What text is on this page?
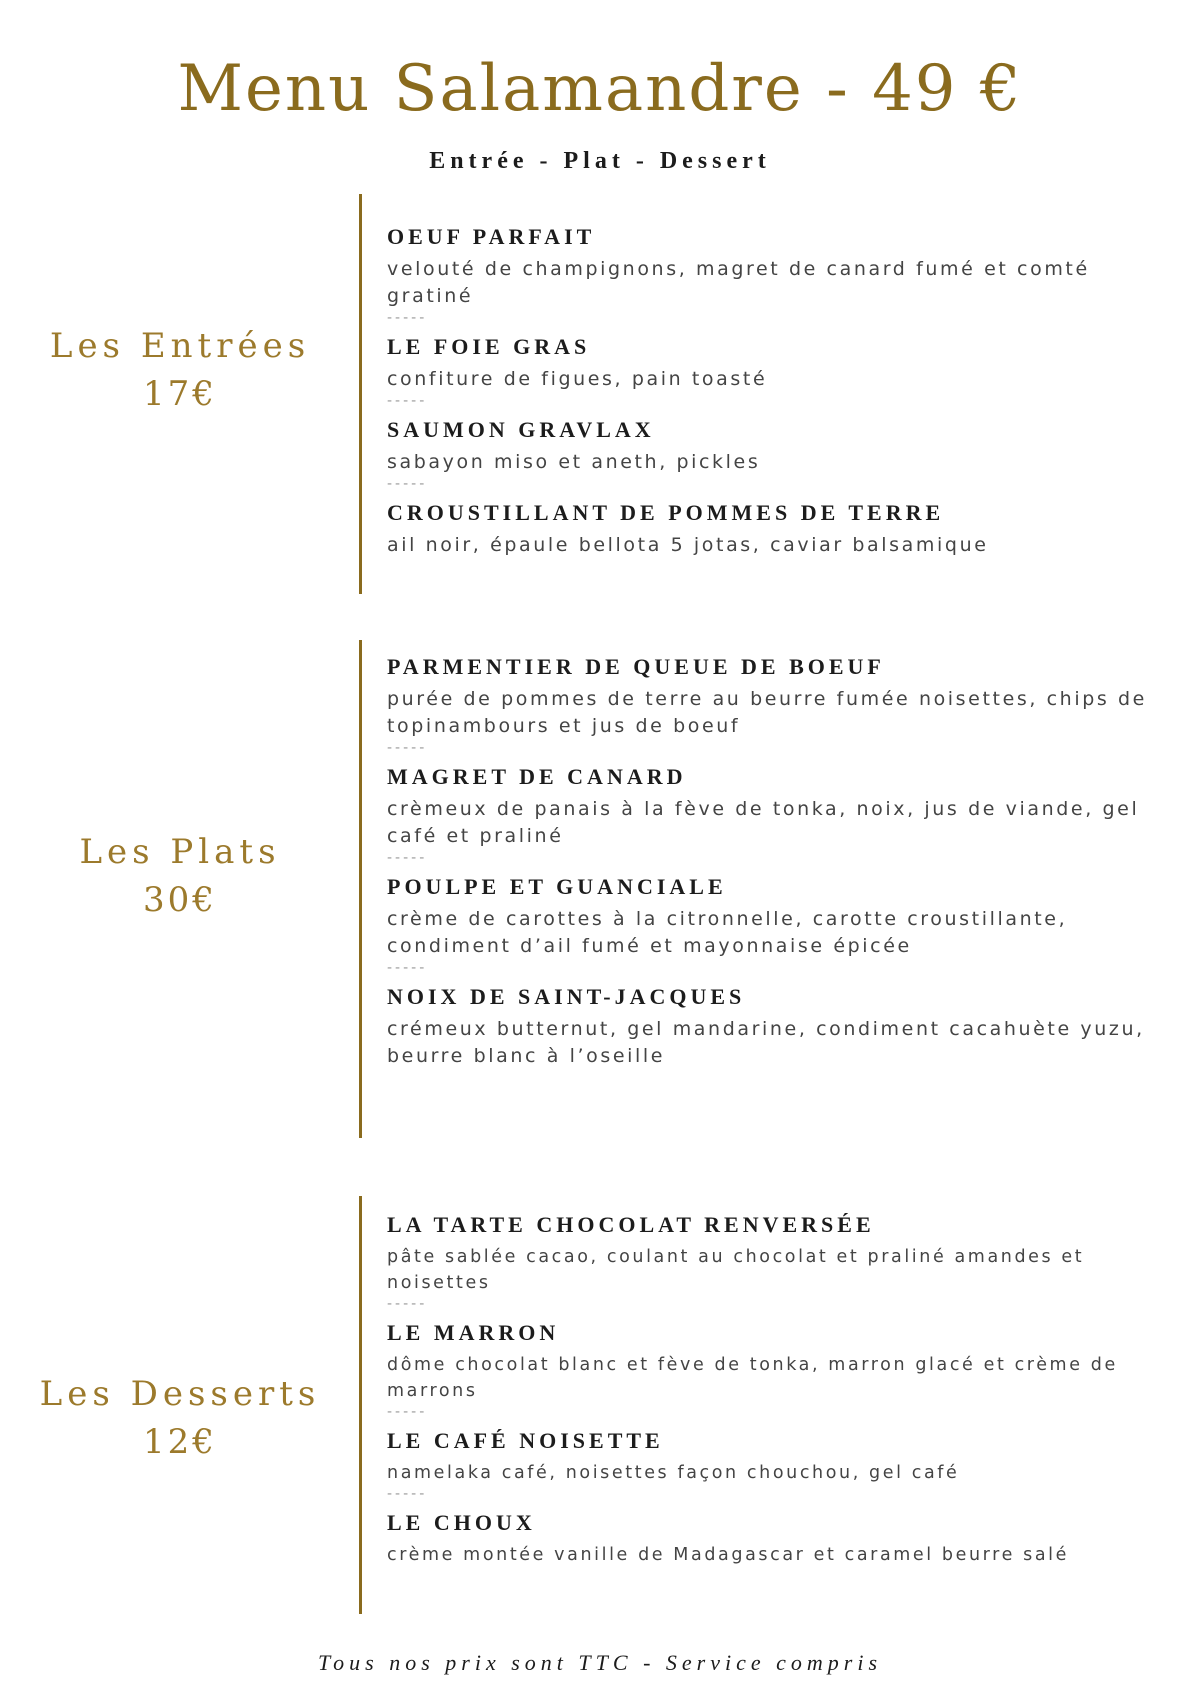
Menu Salamandre - 49 €
Entrée - Plat - Dessert
Les Entrées
17€
OEUF PARFAIT
velouté de champignons, magret de canard fumé et comté gratiné
-----
LE FOIE GRAS
confiture de figues, pain toasté
-----
SAUMON GRAVLAX
sabayon miso et aneth, pickles
-----
CROUSTILLANT DE POMMES DE TERRE
ail noir, épaule bellota 5 jotas, caviar balsamique
Les Plats
30€
PARMENTIER DE QUEUE DE BOEUF
purée de pommes de terre au beurre fumée noisettes, chips de topinambours et jus de boeuf
-----
MAGRET DE CANARD
crèmeux de panais à la fève de tonka, noix, jus de viande, gel café et praliné
-----
POULPE ET GUANCIALE
crème de carottes à la citronnelle, carotte croustillante, condiment d’ail fumé et mayonnaise épicée
-----
NOIX DE SAINT-JACQUES
crémeux butternut, gel mandarine, condiment cacahuète yuzu, beurre blanc à l’oseille
Les Desserts
12€
LA TARTE CHOCOLAT RENVERSÉE
pâte sablée cacao, coulant au chocolat et praliné amandes et noisettes
-----
LE MARRON
dôme chocolat blanc et fève de tonka, marron glacé et crème de marrons
-----
LE CAFÉ NOISETTE
namelaka café, noisettes façon chouchou, gel café
-----
LE CHOUX
crème montée vanille de Madagascar et caramel beurre salé
Tous nos prix sont TTC - Service compris
